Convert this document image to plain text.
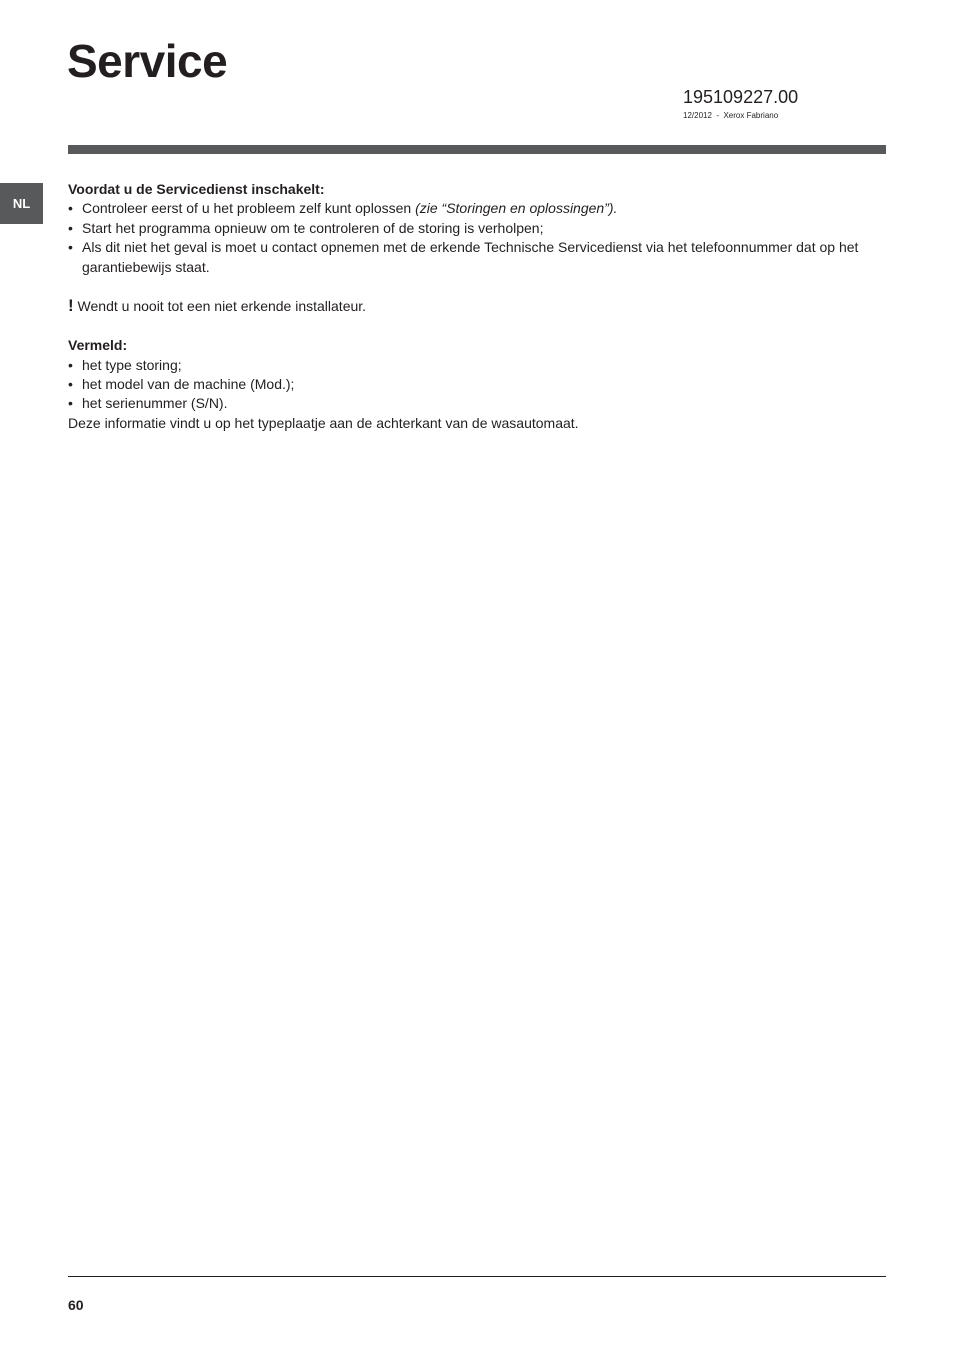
Service
195109227.00
12/2012  -  Xerox Fabriano
NL

Voordat u de Servicedienst inschakelt:

• Controleer eerst of u het probleem zelf kunt oplossen (zie “Storingen en oplossingen”).
• Start het programma opnieuw om te controleren of de storing is verholpen;
• Als dit niet het geval is moet u contact opnemen met de erkende Technische Servicedienst via het telefoonnummer dat op het garantiebewijs staat.

! Wendt u nooit tot een niet erkende installateur.

Vermeld:

• het type storing;
• het model van de machine (Mod.);
• het serienummer (S/N).

Deze informatie vindt u op het typeplaatje aan de achterkant van de wasautomaat.

60
